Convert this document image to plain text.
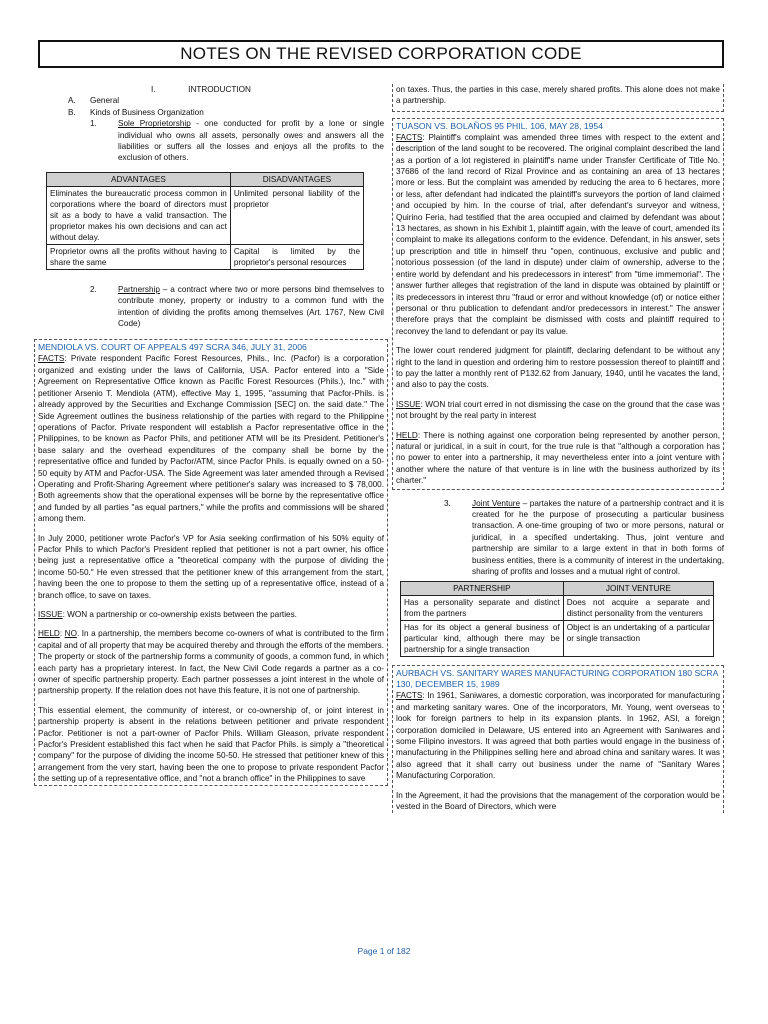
NOTES ON THE REVISED CORPORATION CODE
I.	INTRODUCTION
A. General
B. Kinds of Business Organization
1.	Sole Proprietorship - one conducted for profit by a lone or single individual who owns all assets, personally owes and answers all the liabilities or suffers all the losses and enjoys all the profits to the exclusion of others.
ADVANTAGES	DISADVANTAGES
Eliminates the bureaucratic process common in corporations where the board of directors must sit as a body to have a valid transaction. The proprietor makes his own decisions and can act without delay.	Unlimited personal liability of the proprietor
Proprietor owns all the profits without having to share the same	Capital is limited by the proprietor's personal resources
2.	Partnership – a contract where two or more persons bind themselves to contribute money, property or industry to a common fund with the intention of dividing the profits among themselves (Art. 1767, New Civil Code)
MENDIOLA VS. COURT OF APPEALS 497 SCRA 346, JULY 31, 2006

FACTS: Private respondent Pacific Forest Resources, Phils., Inc. (Pacfor) is a corporation organized and existing under the laws of California, USA. Pacfor entered into a "Side Agreement on Representative Office known as Pacific Forest Resources (Phils.), Inc." with petitioner Arsenio T. Mendiola (ATM), effective May 1, 1995, "assuming that Pacfor-Phils. is already approved by the Securities and Exchange Commission [SEC] on. the said date." The Side Agreement outlines the business relationship of the parties with regard to the Philippine operations of Pacfor. Private respondent will establish a Pacfor representative office in the Philippines, to be known as Pacfor Phils, and petitioner ATM will be its President. Petitioner's base salary and the overhead expenditures of the company shall be borne by the representative office and funded by Pacfor/ATM, since Pacfor Phils. is equally owned on a 50-50 equity by ATM and Pacfor-USA. The Side Agreement was later amended through a Revised Operating and Profit-Sharing Agreement where petitioner's salary was increased to $ 78,000. Both agreements show that the operational expenses will be borne by the representative office and funded by all parties "as equal partners," while the profits and commissions will be shared among them.

In July 2000, petitioner wrote Pacfor's VP for Asia seeking confirmation of his 50% equity of Pacfor Phils to which Pacfor's President replied that petitioner is not a part owner, his office being just a representative office a "theoretical company with the purpose of dividing the income 50-50." He even stressed that the petitioner knew of this arrangement from the start, having been the one to propose to them the setting up of a representative office, instead of a branch office, to save on taxes.

ISSUE: WON a partnership or co-ownership exists between the parties.

HELD: NO. In a partnership, the members become co-owners of what is contributed to the firm capital and of all property that may be acquired thereby and through the efforts of the members. The property or stock of the partnership forms a community of goods, a common fund, in which each party has a proprietary interest. In fact, the New Civil Code regards a partner as a co-owner of specific partnership property. Each partner possesses a joint interest in the whole of partnership property. If the relation does not have this feature, it is not one of partnership.

This essential element, the community of interest, or co-ownership of, or joint interest in partnership property is absent in the relations between petitioner and private respondent Pacfor. Petitioner is not a part-owner of Pacfor Phils. William Gleason, private respondent Pacfor's President established this fact when he said that Pacfor Phils. is simply a "theoretical company" for the purpose of dividing the income 50-50. He stressed that petitioner knew of this arrangement from the very start, having been the one to propose to private respondent Pacfor the setting up of a representative office, and "not a branch office" in the Philippines to save

on taxes. Thus, the parties in this case, merely shared profits. This alone does not make a partnership.

TUASON VS. BOLAÑOS 95 PHIL. 106, MAY 28, 1954

FACTS: Plaintiff's complaint was amended three times with respect to the extent and description of the land sought to be recovered. The original complaint described the land as a portion of a lot registered in plaintiff's name under Transfer Certificate of Title No. 37686 of the land record of Rizal Province and as containing an area of 13 hectares more or less. But the complaint was amended by reducing the area to 6 hectares, more or less, after defendant had indicated the plaintiff's surveyors the portion of land claimed and occupied by him. In the course of trial, after defendant's surveyor and witness, Quirino Feria, had testified that the area occupied and claimed by defendant was about 13 hectares, as shown in his Exhibit 1, plaintiff again, with the leave of court, amended its complaint to make its allegations conform to the evidence. Defendant, in his answer, sets up prescription and title in himself thru "open, continuous, exclusive and public and notorious possession (of the land in dispute) under claim of ownership, adverse to the entire world by defendant and his predecessors in interest" from "time immemorial". The answer further alleges that registration of the land in dispute was obtained by plaintiff or its predecessors in interest thru "fraud or error and without knowledge (of) or notice either personal or thru publication to defendant and/or predecessors in interest." The answer therefore prays that the complaint be dismissed with costs and plaintiff required to reconvey the land to defendant or pay its value.

The lower court rendered judgment for plaintiff, declaring defendant to be without any right to the land in question and ordering him to restore possession thereof to plaintiff and to pay the latter a monthly rent of P132.62 from January, 1940, until he vacates the land, and also to pay the costs.

ISSUE: WON trial court erred in not dismissing the case on the ground that the case was not brought by the real party in interest

HELD: There is nothing against one corporation being represented by another person, natural or juridical, in a suit in court, for the true rule is that "although a corporation has no power to enter into a partnership, it may nevertheless enter into a joint venture with another where the nature of that venture is in line with the business authorized by its charter."

3.	Joint Venture – partakes the nature of a partnership contract and it is created for he the purpose of prosecuting a particular business transaction. A one-time grouping of two or more persons, natural or juridical, in a specified undertaking. Thus, joint venture and partnership are similar to a large extent in that in both forms of business entities, there is a community of interest in the undertaking, sharing of profits and losses and a mutual right of control.
PARTNERSHIP	JOINT VENTURE
Has a personality separate and distinct from the partners	Does not acquire a separate and distinct personality from the venturers
Has for its object a general business of particular kind, although there may be partnership for a single transaction	Object is an undertaking of a particular or single transaction
AURBACH VS. SANITARY WARES MANUFACTURING CORPORATION 180 SCRA 130, DECEMBER 15, 1989

FACTS: In 1961, Saniwares, a domestic corporation, was incorporated for manufacturing and marketing sanitary wares. One of the incorporators, Mr. Young, went overseas to look for foreign partners to help in its expansion plants. In 1962, ASI, a foreign corporation domiciled in Delaware, US entered into an Agreement with Saniwares and some Filipino investors. It was agreed that both parties would engage in the business of manufacturing in the Philippines selling here and abroad china and sanitary wares. It was also agreed that it shall carry out business under the name of "Sanitary Wares Manufacturing Corporation.

In the Agreement, it had the provisions that the management of the corporation would be vested in the Board of Directors, which were

Page 1 of 182
